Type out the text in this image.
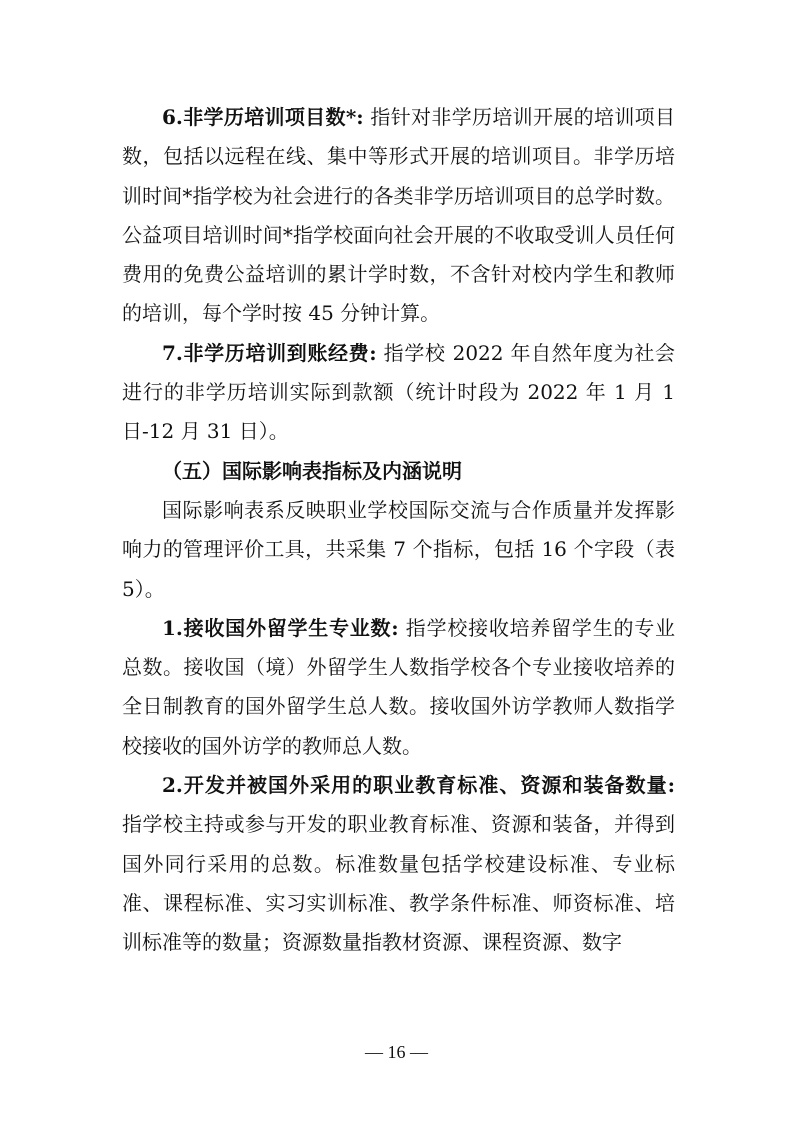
6.非学历培训项目数*: 指针对非学历培训开展的培训项目数，包括以远程在线、集中等形式开展的培训项目。非学历培训时间*指学校为社会进行的各类非学历培训项目的总学时数。公益项目培训时间*指学校面向社会开展的不收取受训人员任何费用的免费公益培训的累计学时数，不含针对校内学生和教师的培训，每个学时按 45 分钟计算。

7.非学历培训到账经费: 指学校 2022 年自然年度为社会进行的非学历培训实际到款额（统计时段为 2022 年 1 月 1 日-12 月 31 日）。

（五）国际影响表指标及内涵说明

国际影响表系反映职业学校国际交流与合作质量并发挥影响力的管理评价工具，共采集 7 个指标，包括 16 个字段（表 5）。

1.接收国外留学生专业数: 指学校接收培养留学生的专业总数。接收国（境）外留学生人数指学校各个专业接收培养的全日制教育的国外留学生总人数。接收国外访学教师人数指学校接收的国外访学的教师总人数。

2.开发并被国外采用的职业教育标准、资源和装备数量: 指学校主持或参与开发的职业教育标准、资源和装备，并得到国外同行采用的总数。标准数量包括学校建设标准、专业标准、课程标准、实习实训标准、教学条件标准、师资标准、培训标准等的数量；资源数量指教材资源、课程资源、数字

— 16 —
